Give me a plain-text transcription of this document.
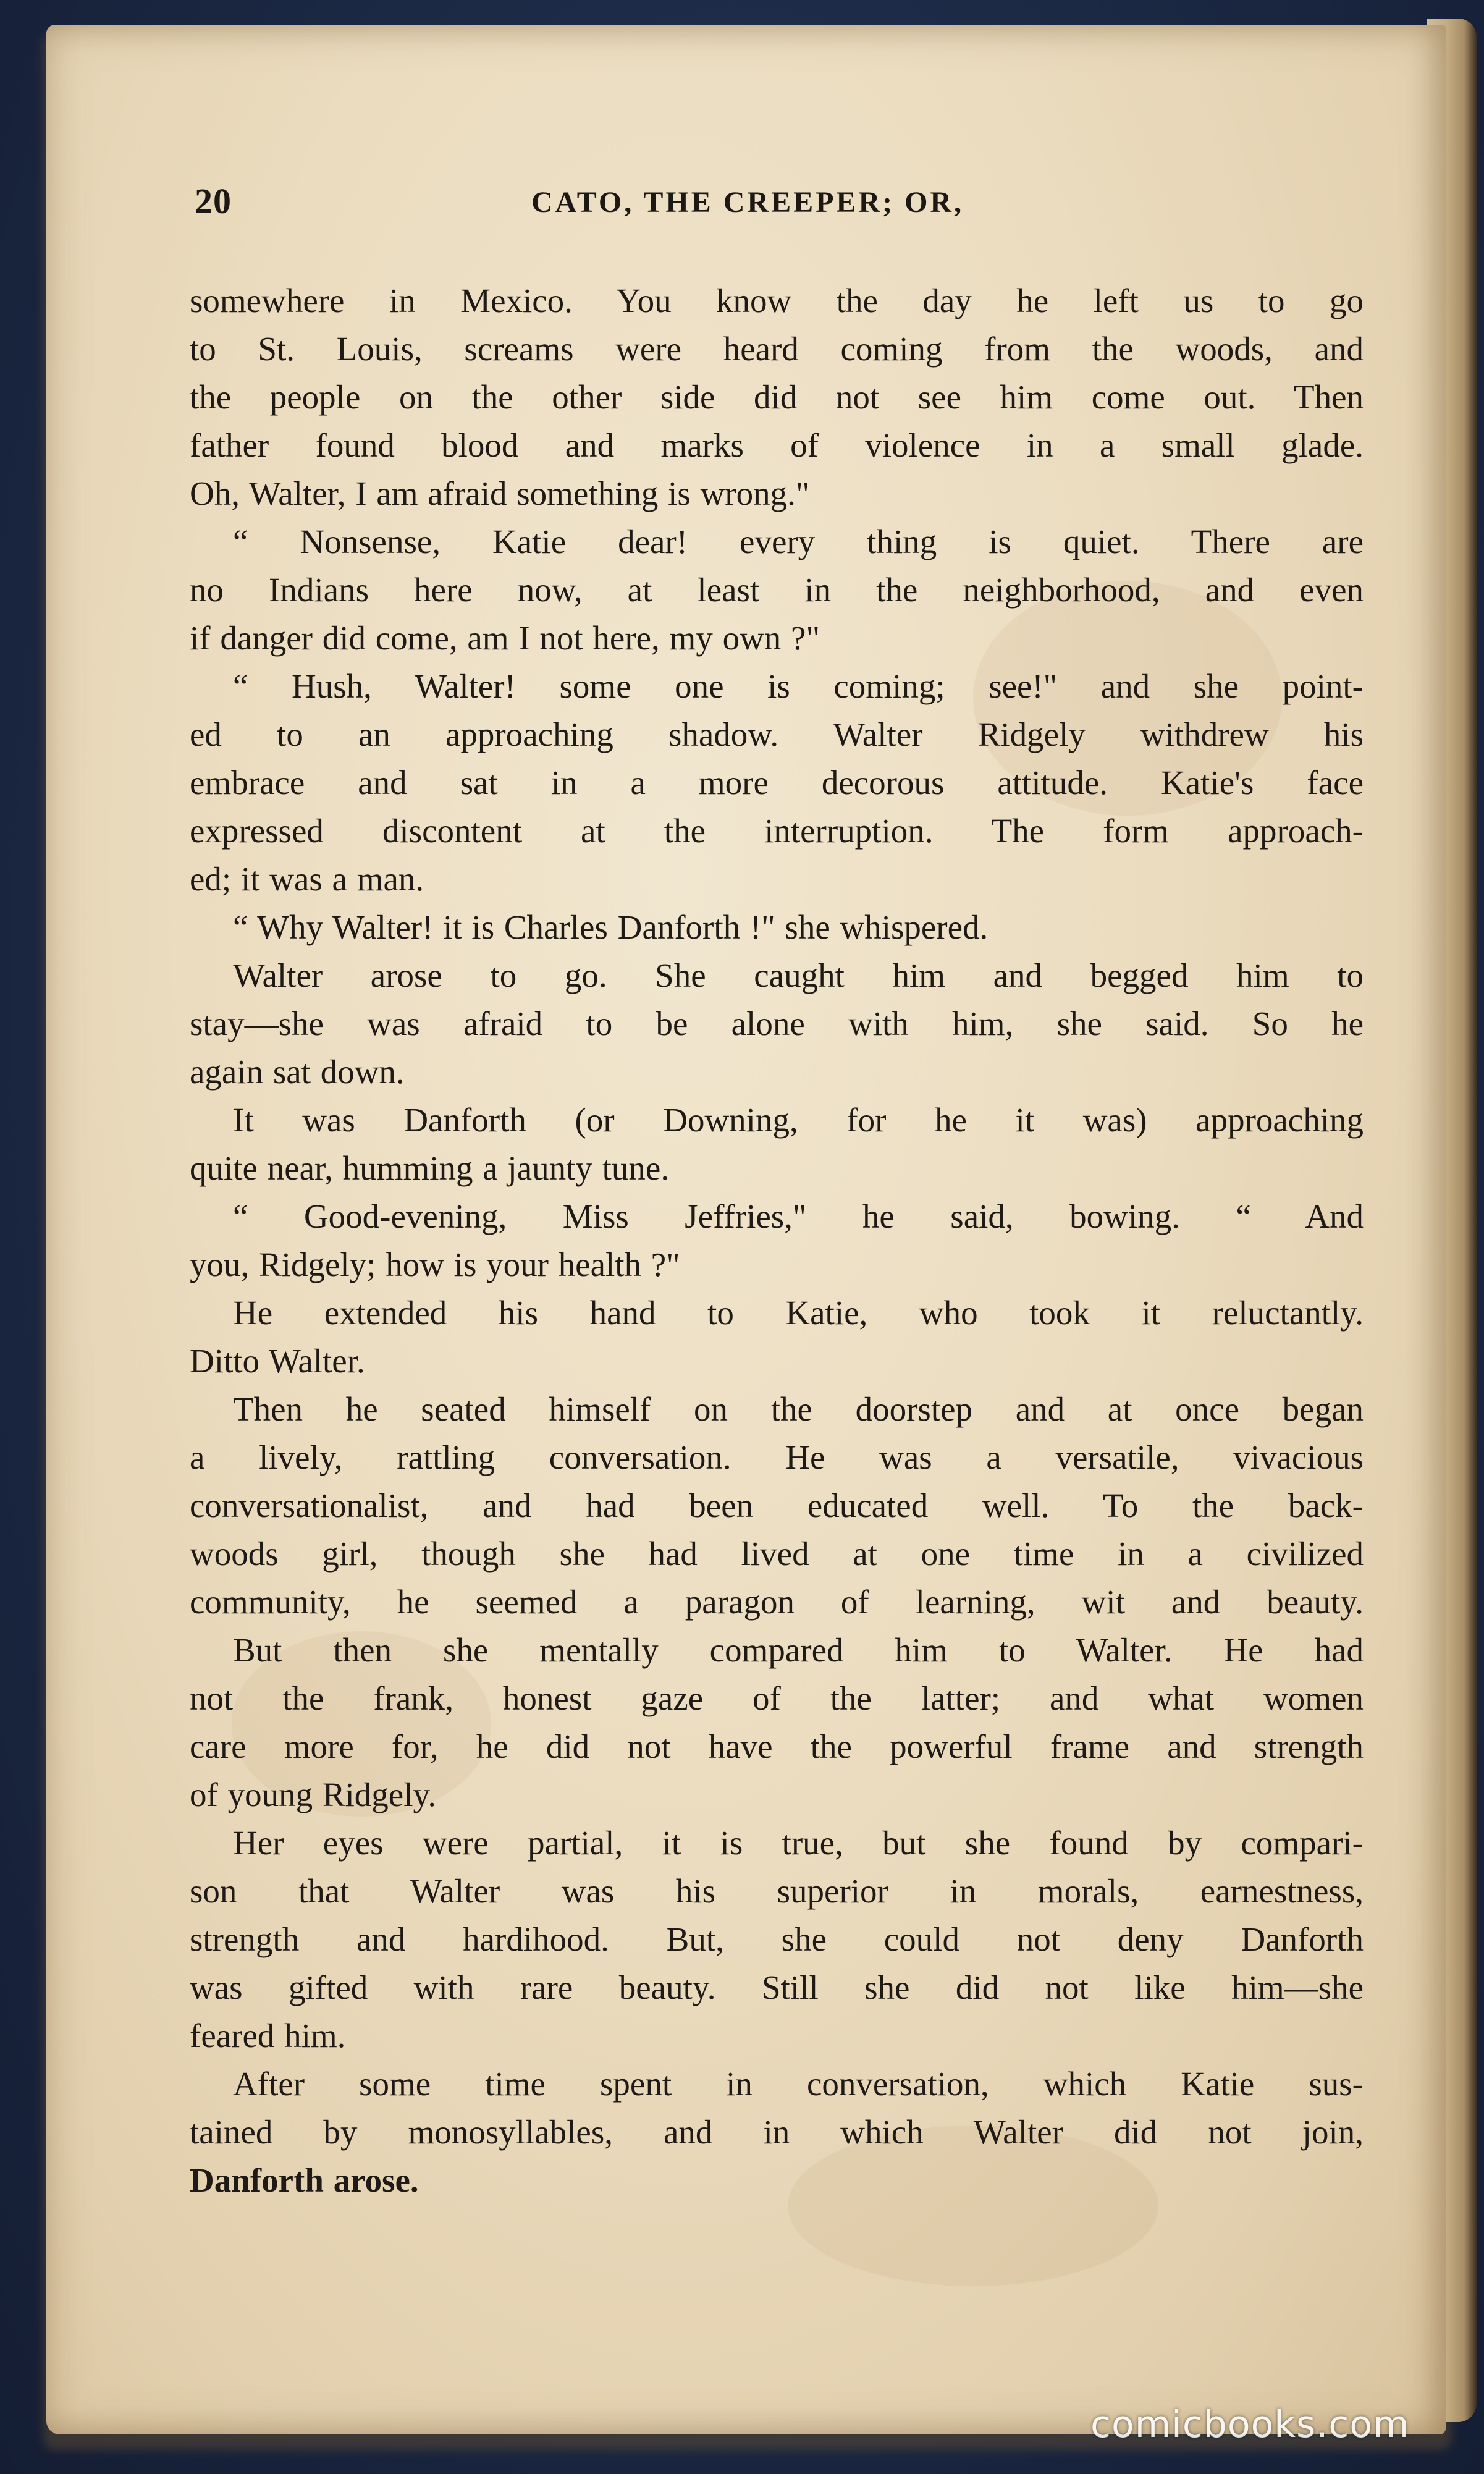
20	CATO, THE CREEPER; OR,
somewhere in Mexico. You know the day he left us to go
to St. Louis, screams were heard coming from the woods, and
the people on the other side did not see him come out. Then
father found blood and marks of violence in a small glade.
Oh, Walter, I am afraid something is wrong."
“ Nonsense, Katie dear! every thing is quiet. There are
no Indians here now, at least in the neighborhood, and even
if danger did come, am I not here, my own ?"
“ Hush, Walter! some one is coming; see!" and she point-
ed to an approaching shadow. Walter Ridgely withdrew his
embrace and sat in a more decorous attitude. Katie's face
expressed discontent at the interruption. The form approach-
ed; it was a man.
“ Why Walter! it is Charles Danforth !" she whispered.
Walter arose to go. She caught him and begged him to
stay—she was afraid to be alone with him, she said. So he
again sat down.
It was Danforth (or Downing, for he it was) approaching
quite near, humming a jaunty tune.
“ Good-evening, Miss Jeffries," he said, bowing. “ And
you, Ridgely; how is your health ?"
He extended his hand to Katie, who took it reluctantly.
Ditto Walter.
Then he seated himself on the doorstep and at once began
a lively, rattling conversation. He was a versatile, vivacious
conversationalist, and had been educated well. To the back-
woods girl, though she had lived at one time in a civilized
community, he seemed a paragon of learning, wit and beauty.
But then she mentally compared him to Walter. He had
not the frank, honest gaze of the latter; and what women
care more for, he did not have the powerful frame and strength
of young Ridgely.
Her eyes were partial, it is true, but she found by compari-
son that Walter was his superior in morals, earnestness,
strength and hardihood. But, she could not deny Danforth
was gifted with rare beauty. Still she did not like him—she
feared him.
After some time spent in conversation, which Katie sus-
tained by monosyllables, and in which Walter did not join,
Danforth arose.
comicbooks.com
